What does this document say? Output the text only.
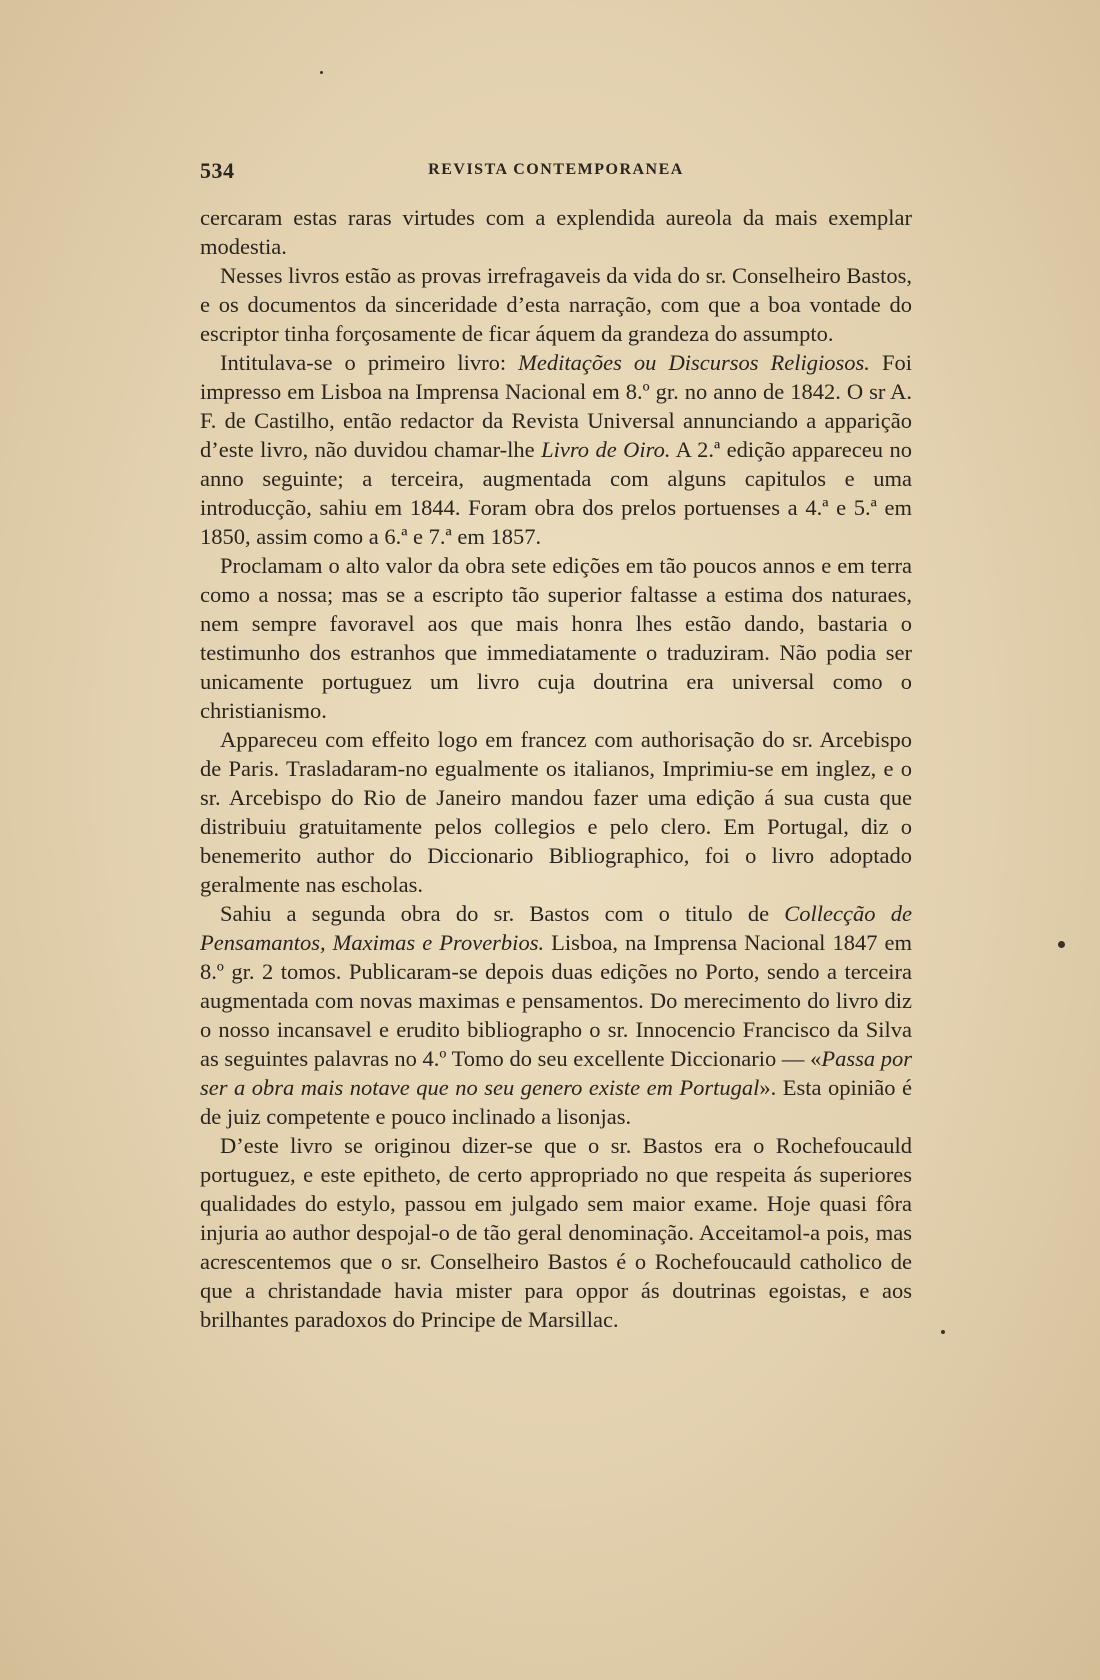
534	REVISTA CONTEMPORANEA

cercaram estas raras virtudes com a explendida aureola da mais exemplar modestia.

Nesses livros estão as provas irrefragaveis da vida do sr. Conselheiro Bastos, e os documentos da sinceridade d’esta narração, com que a boa vontade do escriptor tinha forçosamente de ficar áquem da grandeza do assumpto.

Intitulava-se o primeiro livro: Meditações ou Discursos Religiosos. Foi impresso em Lisboa na Imprensa Nacional em 8.º gr. no anno de 1842. O sr A. F. de Castilho, então redactor da Revista Universal annunciando a apparição d’este livro, não duvidou chamar-lhe Livro de Oiro. A 2.ª edição appareceu no anno seguinte; a terceira, augmentada com alguns capitulos e uma introducção, sahiu em 1844. Foram obra dos prelos portuenses a 4.ª e 5.ª em 1850, assim como a 6.ª e 7.ª em 1857.

Proclamam o alto valor da obra sete edições em tão poucos annos e em terra como a nossa; mas se a escripto tão superior faltasse a estima dos naturaes, nem sempre favoravel aos que mais honra lhes estão dando, bastaria o testimunho dos estranhos que immediatamente o traduziram. Não podia ser unicamente portuguez um livro cuja doutrina era universal como o christianismo.

Appareceu com effeito logo em francez com authorisação do sr. Arcebispo de Paris. Trasladaram-no egualmente os italianos, Imprimiu-se em inglez, e o sr. Arcebispo do Rio de Janeiro mandou fazer uma edição á sua custa que distribuiu gratuitamente pelos collegios e pelo clero. Em Portugal, diz o benemerito author do Diccionario Bibliographico, foi o livro adoptado geralmente nas escholas.

Sahiu a segunda obra do sr. Bastos com o titulo de Collecção de Pensamantos, Maximas e Proverbios. Lisboa, na Imprensa Nacional 1847 em 8.º gr. 2 tomos. Publicaram-se depois duas edições no Porto, sendo a terceira augmentada com novas maximas e pensamentos. Do merecimento do livro diz o nosso incansavel e erudito bibliographo o sr. Innocencio Francisco da Silva as seguintes palavras no 4.º Tomo do seu excellente Diccionario — «Passa por ser a obra mais notave que no seu genero existe em Portugal». Esta opinião é de juiz competente e pouco inclinado a lisonjas.

D’este livro se originou dizer-se que o sr. Bastos era o Rochefoucauld portuguez, e este epitheto, de certo appropriado no que respeita ás superiores qualidades do estylo, passou em julgado sem maior exame. Hoje quasi fôra injuria ao author despojal-o de tão geral denominação. Acceitamol-a pois, mas acrescentemos que o sr. Conselheiro Bastos é o Rochefoucauld catholico de que a christandade havia mister para oppor ás doutrinas egoistas, e aos brilhantes paradoxos do Principe de Marsillac.
